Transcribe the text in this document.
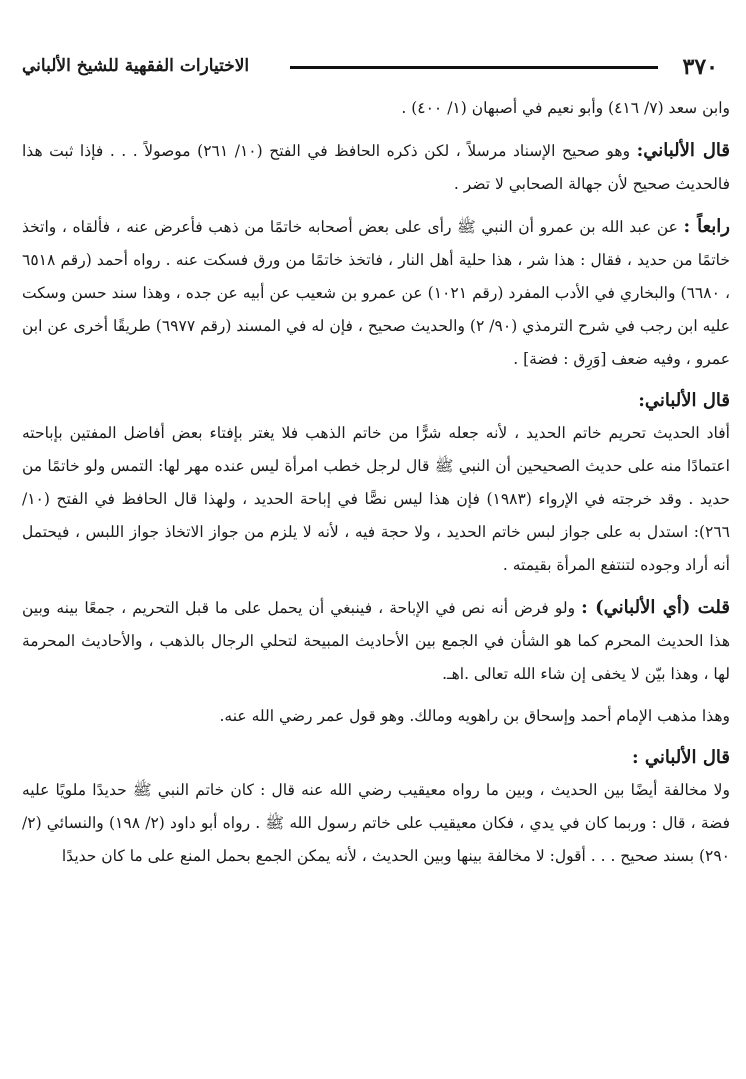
٣٧٠
الاختيارات الفقهية للشيخ الألباني

وابن سعد (٧/ ٤١٦) وأبو نعيم في أصبهان (١/ ٤٠٠) .

قال الألباني: وهو صحيح الإسناد مرسلاً ، لكن ذكره الحافظ في الفتح (١٠/ ٢٦١) موصولاً . . . فإذا ثبت هذا فالحديث صحيح لأن جهالة الصحابي لا تضر .

رابعاً : عن عبد الله بن عمرو أن النبي ﷺ رأى على بعض أصحابه خاتمًا من ذهب فأعرض عنه ، فألقاه ، واتخذ خاتمًا من حديد ، فقال : هذا شر ، هذا حلية أهل النار ، فاتخذ خاتمًا من ورق فسكت عنه . رواه أحمد (رقم ٦٥١٨ ، ٦٦٨٠) والبخاري في الأدب المفرد (رقم ١٠٢١) عن عمرو بن شعيب عن أبيه عن جده ، وهذا سند حسن وسكت عليه ابن رجب في شرح الترمذي (٩٠/ ٢) والحديث صحيح ، فإن له في المسند (رقم ٦٩٧٧) طريقًا أخرى عن ابن عمرو ، وفيه ضعف [وَرِق : فضة] .

قال الألباني:

أفاد الحديث تحريم خاتم الحديد ، لأنه جعله شرًّا من خاتم الذهب فلا يغتر بإفتاء بعض أفاضل المفتين بإباحته اعتمادًا منه على حديث الصحيحين أن النبي ﷺ قال لرجل خطب امرأة ليس عنده مهر لها: التمس ولو خاتمًا من حديد . وقد خرجته في الإرواء (١٩٨٣) فإن هذا ليس نصًّا في إباحة الحديد ، ولهذا قال الحافظ في الفتح (١٠/ ٢٦٦): استدل به على جواز لبس خاتم الحديد ، ولا حجة فيه ، لأنه لا يلزم من جواز الاتخاذ جواز اللبس ، فيحتمل أنه أراد وجوده لتنتفع المرأة بقيمته .

قلت (أي الألباني) : ولو فرض أنه نص في الإباحة ، فينبغي أن يحمل على ما قبل التحريم ، جمعًا بينه وبين هذا الحديث المحرم كما هو الشأن في الجمع بين الأحاديث المبيحة لتحلي الرجال بالذهب ، والأحاديث المحرمة لها ، وهذا بيّن لا يخفى إن شاء الله تعالى .اهـ.

وهذا مذهب الإمام أحمد وإسحاق بن راهويه ومالك. وهو قول عمر رضي الله عنه.

قال الألباني :

ولا مخالفة أيضًا بين الحديث ، وبين ما رواه معيقيب رضي الله عنه قال : كان خاتم النبي ﷺ حديدًا ملويًا عليه فضة ، قال : وربما كان في يدي ، فكان معيقيب على خاتم رسول الله ﷺ . رواه أبو داود (٢/ ١٩٨) والنسائي (٢/ ٢٩٠) بسند صحيح . . . أقول: لا مخالفة بينها وبين الحديث ، لأنه يمكن الجمع بحمل المنع على ما كان حديدًا
